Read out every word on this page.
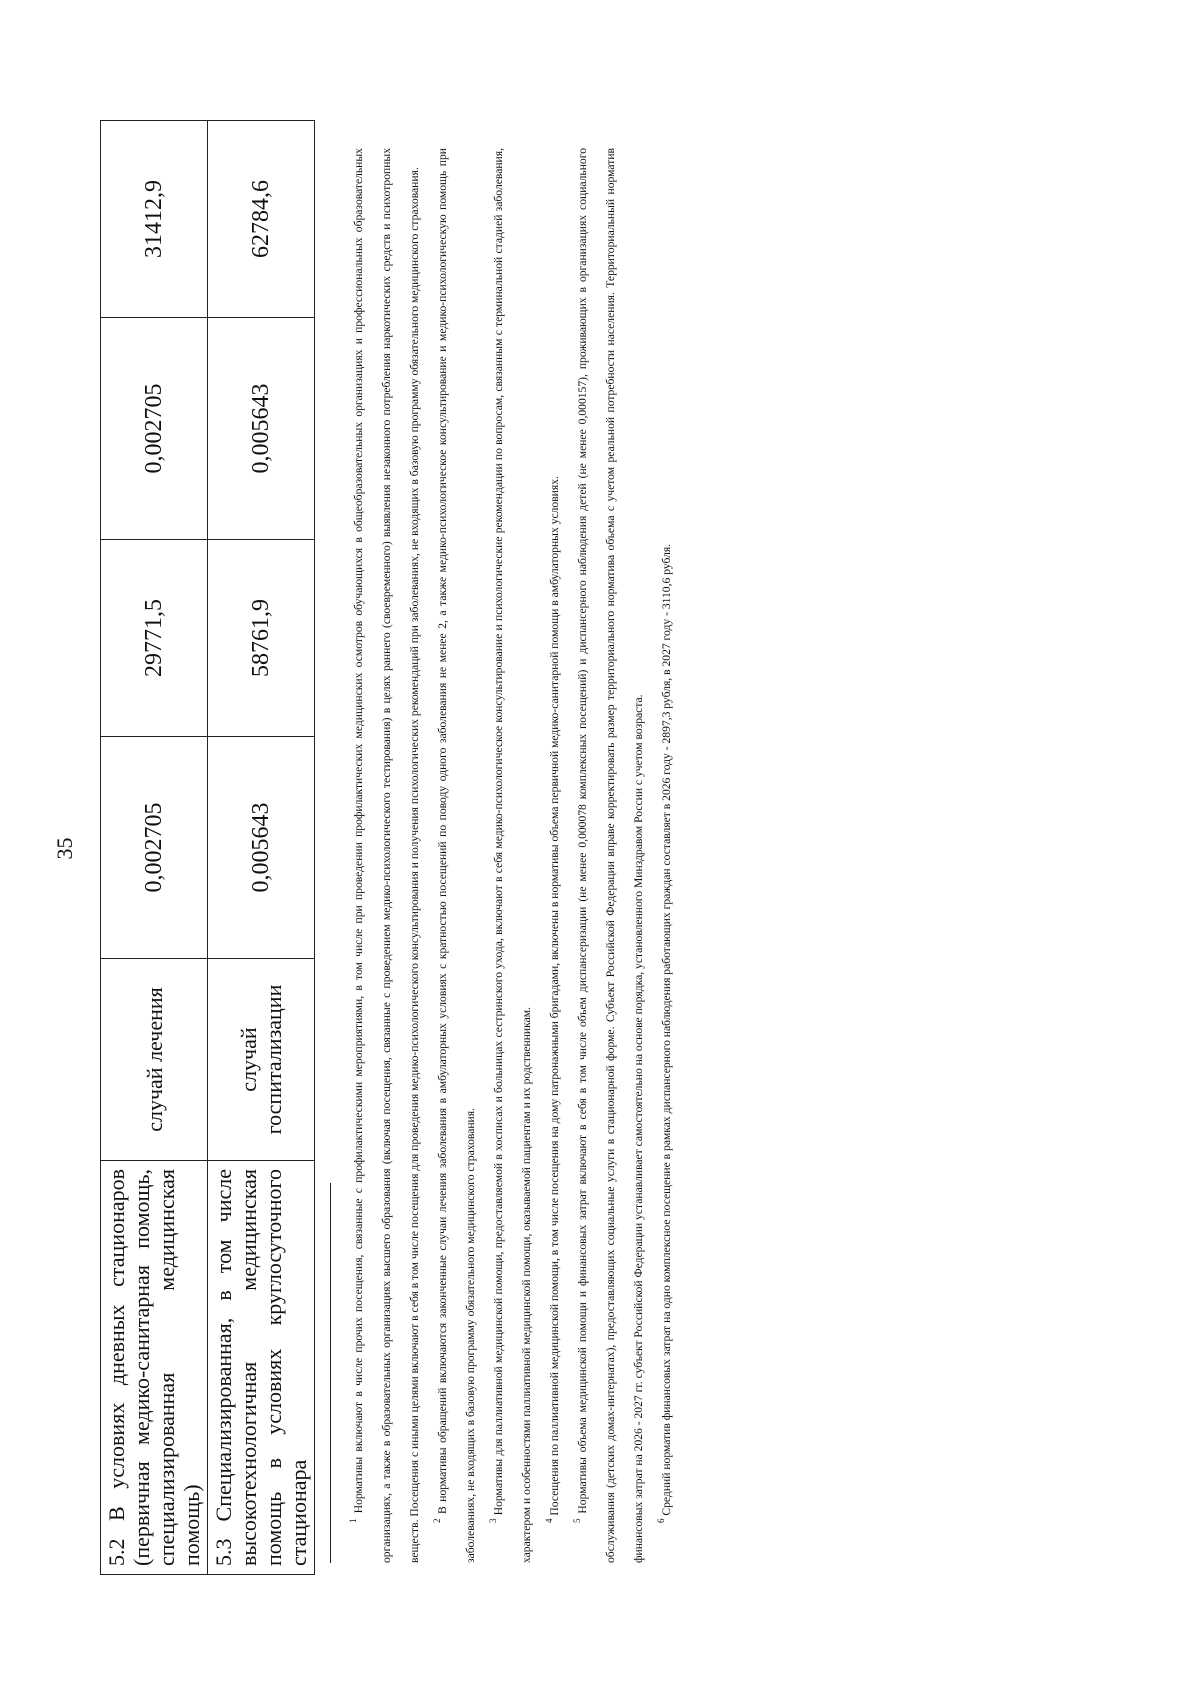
35
5.2 В условиях дневных стационаров (первичная медико-санитарная помощь, специализированная медицинская помощь)	случай лечения	0,002705	29771,5	0,002705	31412,9
5.3 Специализированная, в том числе высокотехнологичная медицинская помощь в условиях круглосуточного стационара	случай госпитализации	0,005643	58761,9	0,005643	62784,6

$^1$ Нормативы включают в числе прочих посещения, связанные с профилактическими мероприятиями, в том числе при проведении профилактических медицинских осмотров обучающихся в общеобразовательных организациях и профессиональных образовательных организациях, а также в образовательных организациях высшего образования (включая посещения, связанные с проведением медико-психологического тестирования) в целях раннего (своевременного) выявления незаконного потребления наркотических средств и психотропных веществ. Посещения с иными целями включают в себя в том числе посещения для проведения медико-психологического консультирования и получения психологических рекомендаций при заболеваниях, не входящих в базовую программу обязательного медицинского страхования.	$^2$ В нормативы обращений включаются законченные случаи лечения заболевания в амбулаторных условиях с кратностью посещений по поводу одного заболевания не менее 2, а также медико-психологическое консультирование и медико-психологическую помощь при заболеваниях, не входящих в базовую программу обязательного медицинского страхования.	$^3$ Нормативы для паллиативной медицинской помощи, предоставляемой в хосписах и больницах сестринского ухода, включают в себя медико-психологическое консультирование и психологические рекомендации по вопросам, связанным с терминальной стадией заболевания, характером и особенностями паллиативной медицинской помощи, оказываемой пациентам и их родственникам.	$^4$ Посещения по паллиативной медицинской помощи, в том числе посещения на дому патронажными бригадами, включены в нормативы объема первичной медико-санитарной помощи в амбулаторных условиях.

$^5$ Нормативы объема медицинской помощи и финансовых затрат включают в себя в том числе объем диспансеризации (не менее 0,000078 комплексных посещений) и диспансерного наблюдения детей (не менее 0,000157), проживающих в организациях социального обслуживания (детских домах-интернатах), предоставляющих социальные услуги в стационарной форме. Субъект Российской Федерации вправе корректировать размер территориального норматива объема с учетом реальной потребности населения. Территориальный норматив финансовых затрат на 2026 - 2027 гг. субъект Российской Федерации устанавливает самостоятельно на основе порядка, установленного Минздравом России с учетом возраста.	$^6$ Средний норматив финансовых затрат на одно комплексное посещение в рамках диспансерного наблюдения работающих граждан составляет в 2026 году - 2897,3 рубля, в 2027 году - 3110,6 рубля.
